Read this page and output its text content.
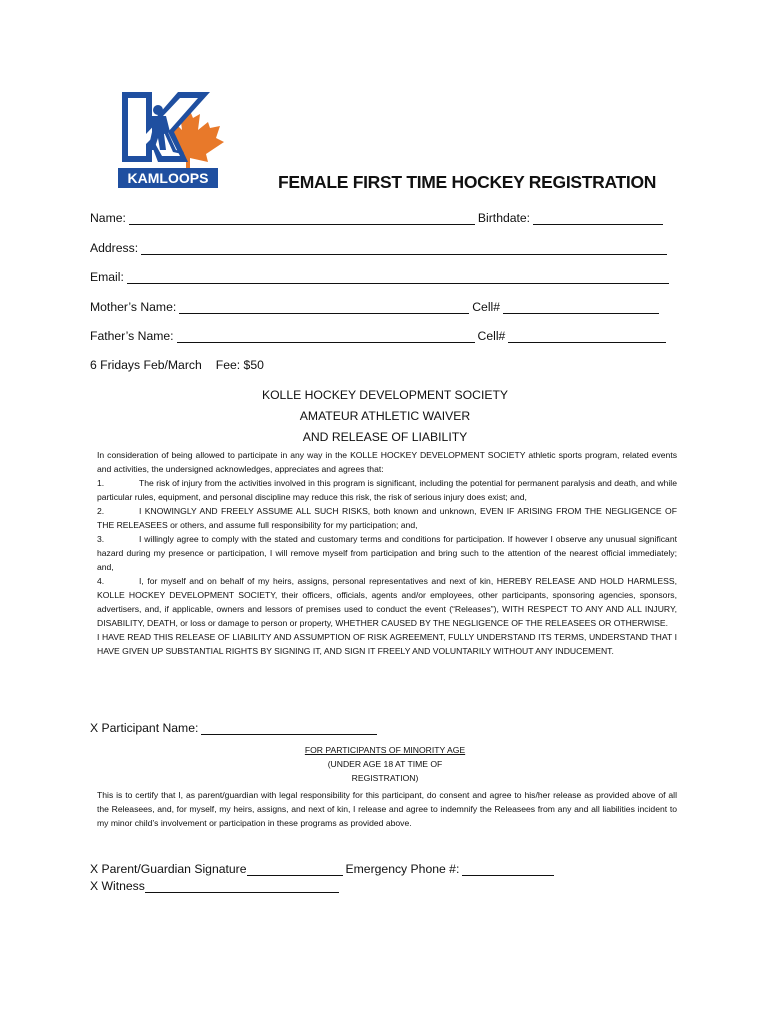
KAMLOOPS	FEMALE FIRST TIME HOCKEY REGISTRATION
Name:	Birthdate:
Address:
Email:
Mother’s Name:	Cell#
Father’s Name:	Cell#
6 Fridays Feb/March Fee: $50
KOLLE HOCKEY DEVELOPMENT SOCIETY
AMATEUR ATHLETIC WAIVER
AND RELEASE OF LIABILITY

In consideration of being allowed to participate in any way in the KOLLE HOCKEY DEVELOPMENT SOCIETY athletic sports program, related events and activities, the undersigned acknowledges, appreciates and agrees that:

1.	The risk of injury from the activities involved in this program is significant, including the potential for permanent paralysis and death, and while particular rules, equipment, and personal discipline may reduce this risk, the risk of serious injury does exist; and,

2.	I KNOWINGLY AND FREELY ASSUME ALL SUCH RISKS, both known and unknown, EVEN IF ARISING FROM THE NEGLIGENCE OF THE RELEASEES or others, and assume full responsibility for my participation; and,

3.	I willingly agree to comply with the stated and customary terms and conditions for participation. If however I observe any unusual significant hazard during my presence or participation, I will remove myself from participation and bring such to the attention of the nearest official immediately; and,

4.	I, for myself and on behalf of my heirs, assigns, personal representatives and next of kin, HEREBY RELEASE AND HOLD HARMLESS, KOLLE HOCKEY DEVELOPMENT SOCIETY, their officers, officials, agents and/or employees, other participants, sponsoring agencies, sponsors, advertisers, and, if applicable, owners and lessors of premises used to conduct the event (“Releases”), WITH RESPECT TO ANY AND ALL INJURY, DISABILITY, DEATH, or loss or damage to person or property, WHETHER CAUSED BY THE NEGLIGENCE OF THE RELEASEES OR OTHERWISE.

I HAVE READ THIS RELEASE OF LIABILITY AND ASSUMPTION OF RISK AGREEMENT, FULLY UNDERSTAND ITS TERMS, UNDERSTAND THAT I HAVE GIVEN UP SUBSTANTIAL RIGHTS BY SIGNING IT, AND SIGN IT FREELY AND VOLUNTARILY WITHOUT ANY INDUCEMENT.

X Participant Name:
FOR PARTICIPANTS OF MINORITY AGE
(UNDER AGE 18 AT TIME OF
REGISTRATION)

This is to certify that I, as parent/guardian with legal responsibility for this participant, do consent and agree to his/her release as provided above of all the Releasees, and, for myself, my heirs, assigns, and next of kin, I release and agree to indemnify the Releasees from any and all liabilities incident to my minor child’s involvement or participation in these programs as provided above.

X Parent/Guardian Signature	Emergency Phone #:
X Witness
